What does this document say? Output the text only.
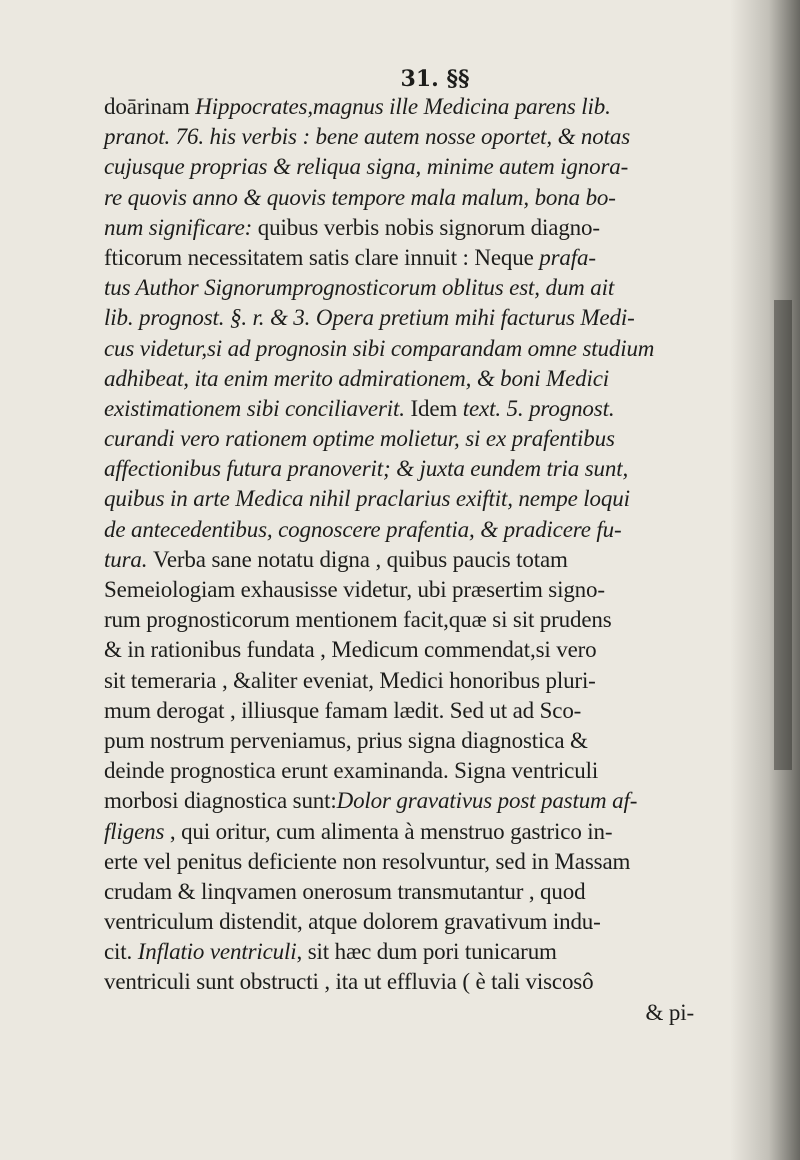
31. §§
doārinam Hippocrates,magnus ille Medicina parens lib.
pranot. 76. his verbis : bene autem nosse oportet, & notas
cujusque proprias & reliqua signa, minime autem ignora-
re quovis anno & quovis tempore mala malum, bona bo-
num significare: quibus verbis nobis signorum diagno-
fticorum necessitatem satis clare innuit : Neque prafa-
tus Author Signorumprognosticorum oblitus est, dum ait
lib. prognost. §. r. & 3. Opera pretium mihi facturus Medi-
cus videtur,si ad prognosin sibi comparandam omne studium
adhibeat, ita enim merito admirationem, & boni Medici
existimationem sibi conciliaverit. Idem text. 5. prognost.
curandi vero rationem optime molietur, si ex prafentibus
affectionibus futura pranoverit; & juxta eundem tria sunt,
quibus in arte Medica nihil praclarius exiftit, nempe loqui
de antecedentibus, cognoscere prafentia, & pradicere fu-
tura. Verba sane notatu digna , quibus paucis totam
Semeiologiam exhausisse videtur, ubi præsertim signo-
rum prognosticorum mentionem facit,quæ si sit prudens
& in rationibus fundata , Medicum commendat,si vero
sit temeraria , &aliter eveniat, Medici honoribus pluri-
mum derogat , illiusque famam lædit. Sed ut ad Sco-
pum nostrum perveniamus, prius signa diagnostica &
deinde prognostica erunt examinanda. Signa ventriculi
morbosi diagnostica sunt:Dolor gravativus post pastum af-
fligens , qui oritur, cum alimenta à menstruo gastrico in-
erte vel penitus deficiente non resolvuntur, sed in Massam
crudam & linqvamen onerosum transmutantur , quod
ventriculum distendit, atque dolorem gravativum indu-
cit. Inflatio ventriculi, sit hæc dum pori tunicarum
ventriculi sunt obstructi , ita ut effluvia ( è tali viscosô
& pi-
